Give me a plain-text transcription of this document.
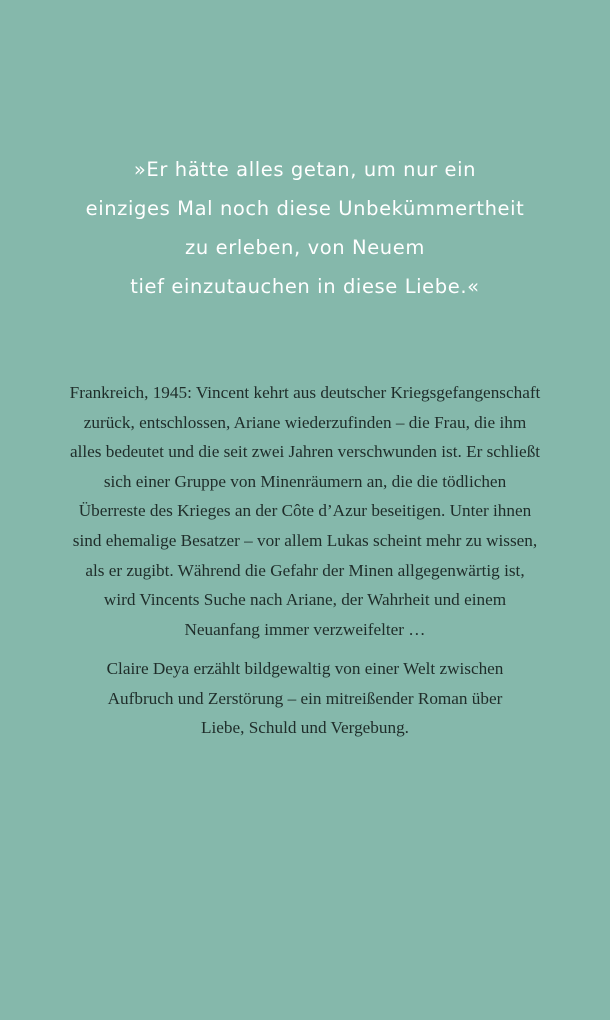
»Er hätte alles getan, um nur ein
einziges Mal noch diese Unbekümmertheit
zu erleben, von Neuem
tief einzutauchen in diese Liebe.«
Frankreich, 1945: Vincent kehrt aus deutscher Kriegsgefangenschaft
zurück, entschlossen, Ariane wiederzufinden – die Frau, die ihm
alles bedeutet und die seit zwei Jahren verschwunden ist. Er schließt
sich einer Gruppe von Minenräumern an, die die tödlichen
Überreste des Krieges an der Côte d’Azur beseitigen. Unter ihnen
sind ehemalige Besatzer – vor allem Lukas scheint mehr zu wissen,
als er zugibt. Während die Gefahr der Minen allgegenwärtig ist,
wird Vincents Suche nach Ariane, der Wahrheit und einem
Neuanfang immer verzweifelter …
Claire Deya erzählt bildgewaltig von einer Welt zwischen
Aufbruch und Zerstörung – ein mitreißender Roman über
Liebe, Schuld und Vergebung.
